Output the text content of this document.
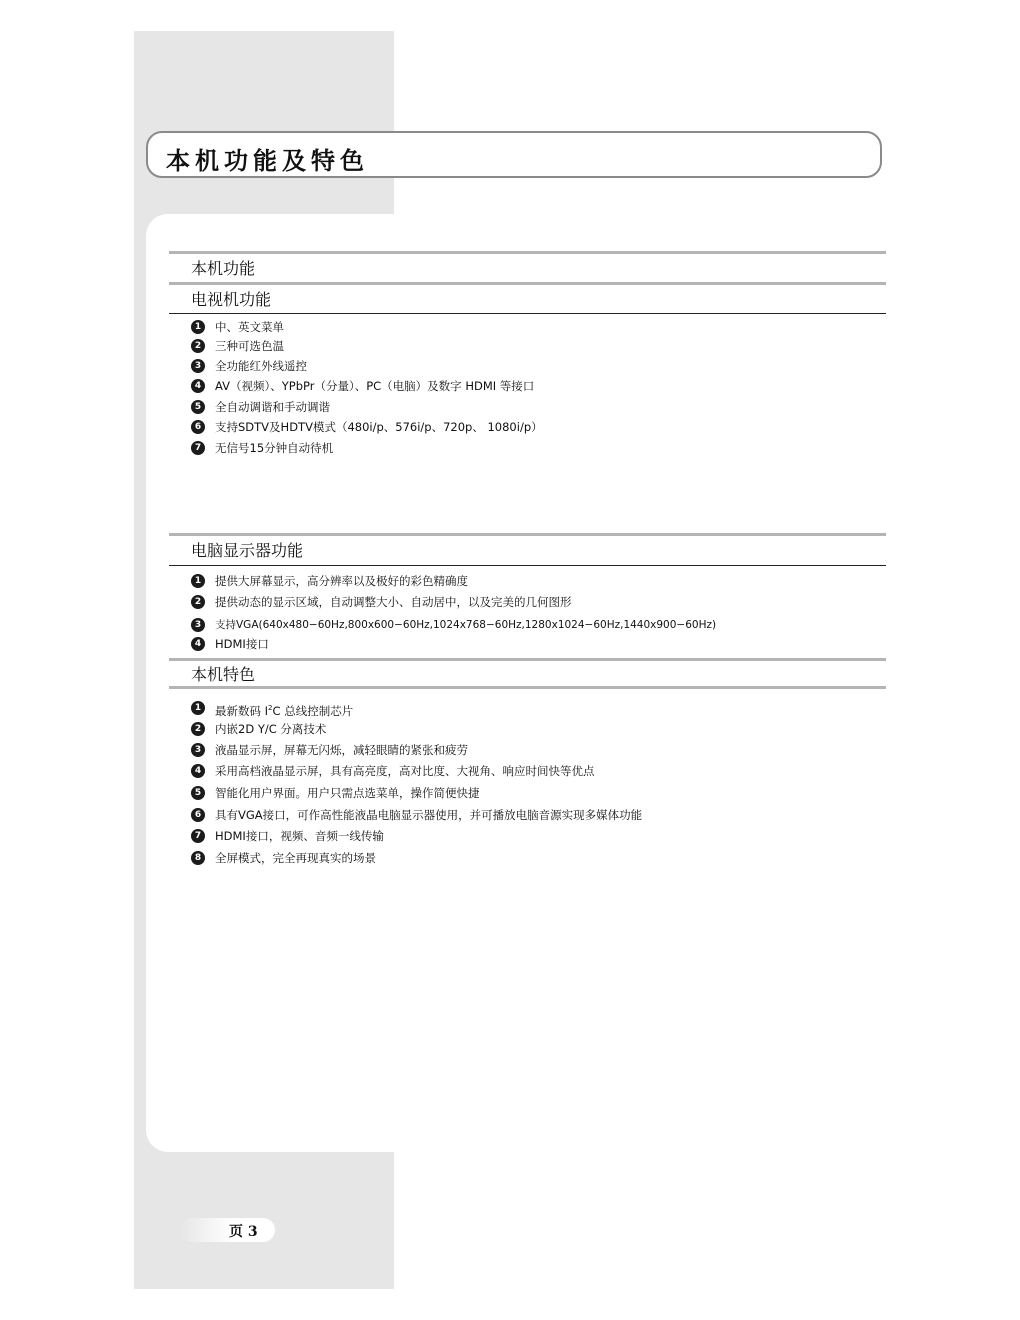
本机功能及特色
本机功能
电视机功能
1	中、英文菜单
2	三种可选色温
3	全功能红外线遥控
4	AV（视频）、YPbPr（分量）、PC（电脑）及数字 HDMI 等接口
5	全自动调谐和手动调谐
6	支持SDTV及HDTV模式（480i/p、576i/p、720p、 1080i/p）
7	无信号15分钟自动待机
电脑显示器功能
1	提供大屏幕显示，高分辨率以及极好的彩色精确度
2	提供动态的显示区域，自动调整大小、自动居中，以及完美的几何图形
3	支持VGA(640x480−60Hz,800x600−60Hz,1024x768−60Hz,1280x1024−60Hz,1440x900−60Hz)
4	HDMI接口
本机特色
1	最新数码 $I^2C$ 总线控制芯片
2	内嵌2D Y/C 分离技术
3	液晶显示屏，屏幕无闪烁，减轻眼睛的紧张和疲劳
4	采用高档液晶显示屏，具有高亮度，高对比度、大视角、响应时间快等优点
5	智能化用户界面。用户只需点选菜单，操作简便快捷
6	具有VGA接口，可作高性能液晶电脑显示器使用，并可播放电脑音源实现多媒体功能
7	HDMI接口，视频、音频一线传输
8	全屏模式，完全再现真实的场景
页 3
